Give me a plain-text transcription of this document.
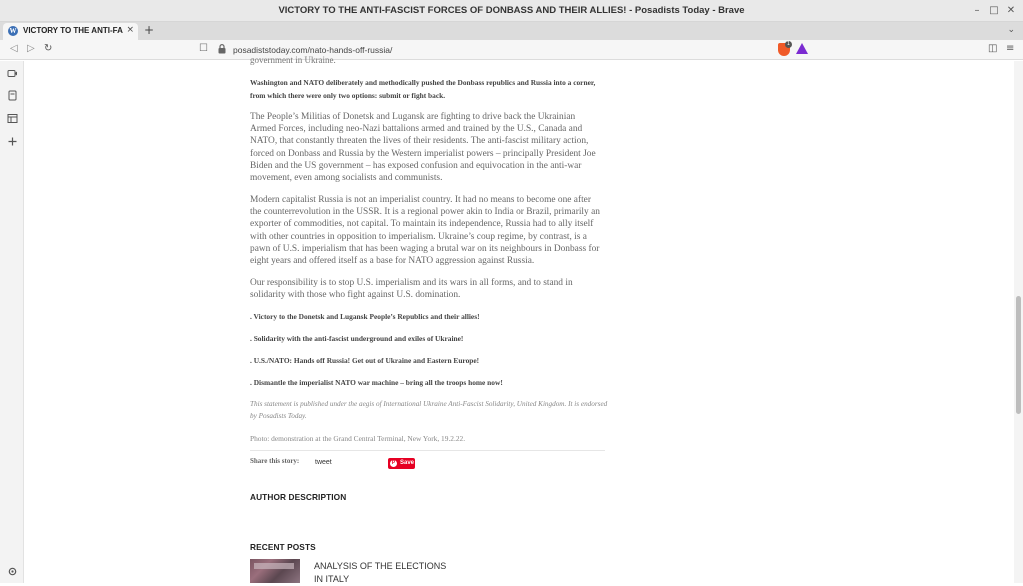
VICTORY TO THE ANTI-FASCIST FORCES OF DONBASS AND THEIR ALLIES! - Posadists Today - Brave	– □ ✕
W VICTORY TO THE ANTI-FA × +	⌄
◁ ▷ ↻	☐	posadiststoday.com/nato-hands-off-russia/
1	◫ ≡
government in Ukraine.
Washington and NATO deliberately and methodically pushed the Donbass republics and Russia into a corner, from which there were only two options: submit or fight back.
The People’s Militias of Donetsk and Lugansk are fighting to drive back the Ukrainian Armed Forces, including neo-Nazi battalions armed and trained by the U.S., Canada and NATO, that constantly threaten the lives of their residents. The anti-fascist military action, forced on Donbass and Russia by the Western imperialist powers – principally President Joe Biden and the US government – has exposed confusion and equivocation in the anti-war movement, even among socialists and communists.
Modern capitalist Russia is not an imperialist country. It had no means to become one after the counterrevolution in the USSR. It is a regional power akin to India or Brazil, primarily an exporter of commodities, not capital. To maintain its independence, Russia had to ally itself with other countries in opposition to imperialism. Ukraine’s coup regime, by contrast, is a pawn of U.S. imperialism that has been waging a brutal war on its neighbours in Donbass for eight years and offered itself as a base for NATO aggression against Russia.
Our responsibility is to stop U.S. imperialism and its wars in all forms, and to stand in solidarity with those who fight against U.S. domination.
. Victory to the Donetsk and Lugansk People’s Republics and their allies!
. Solidarity with the anti-fascist underground and exiles of Ukraine!
. U.S./NATO: Hands off Russia! Get out of Ukraine and Eastern Europe!
. Dismantle the imperialist NATO war machine – bring all the troops home now!
This statement is published under the aegis of International Ukraine Anti-Fascist Solidarity, United Kingdom. It is endorsed by Posadists Today.
Photo: demonstration at the Grand Central Terminal, New York, 19.2.22.
Share this story: tweet	P Save
AUTHOR DESCRIPTION
RECENT POSTS
ANALYSIS OF THE ELECTIONS IN ITALY
